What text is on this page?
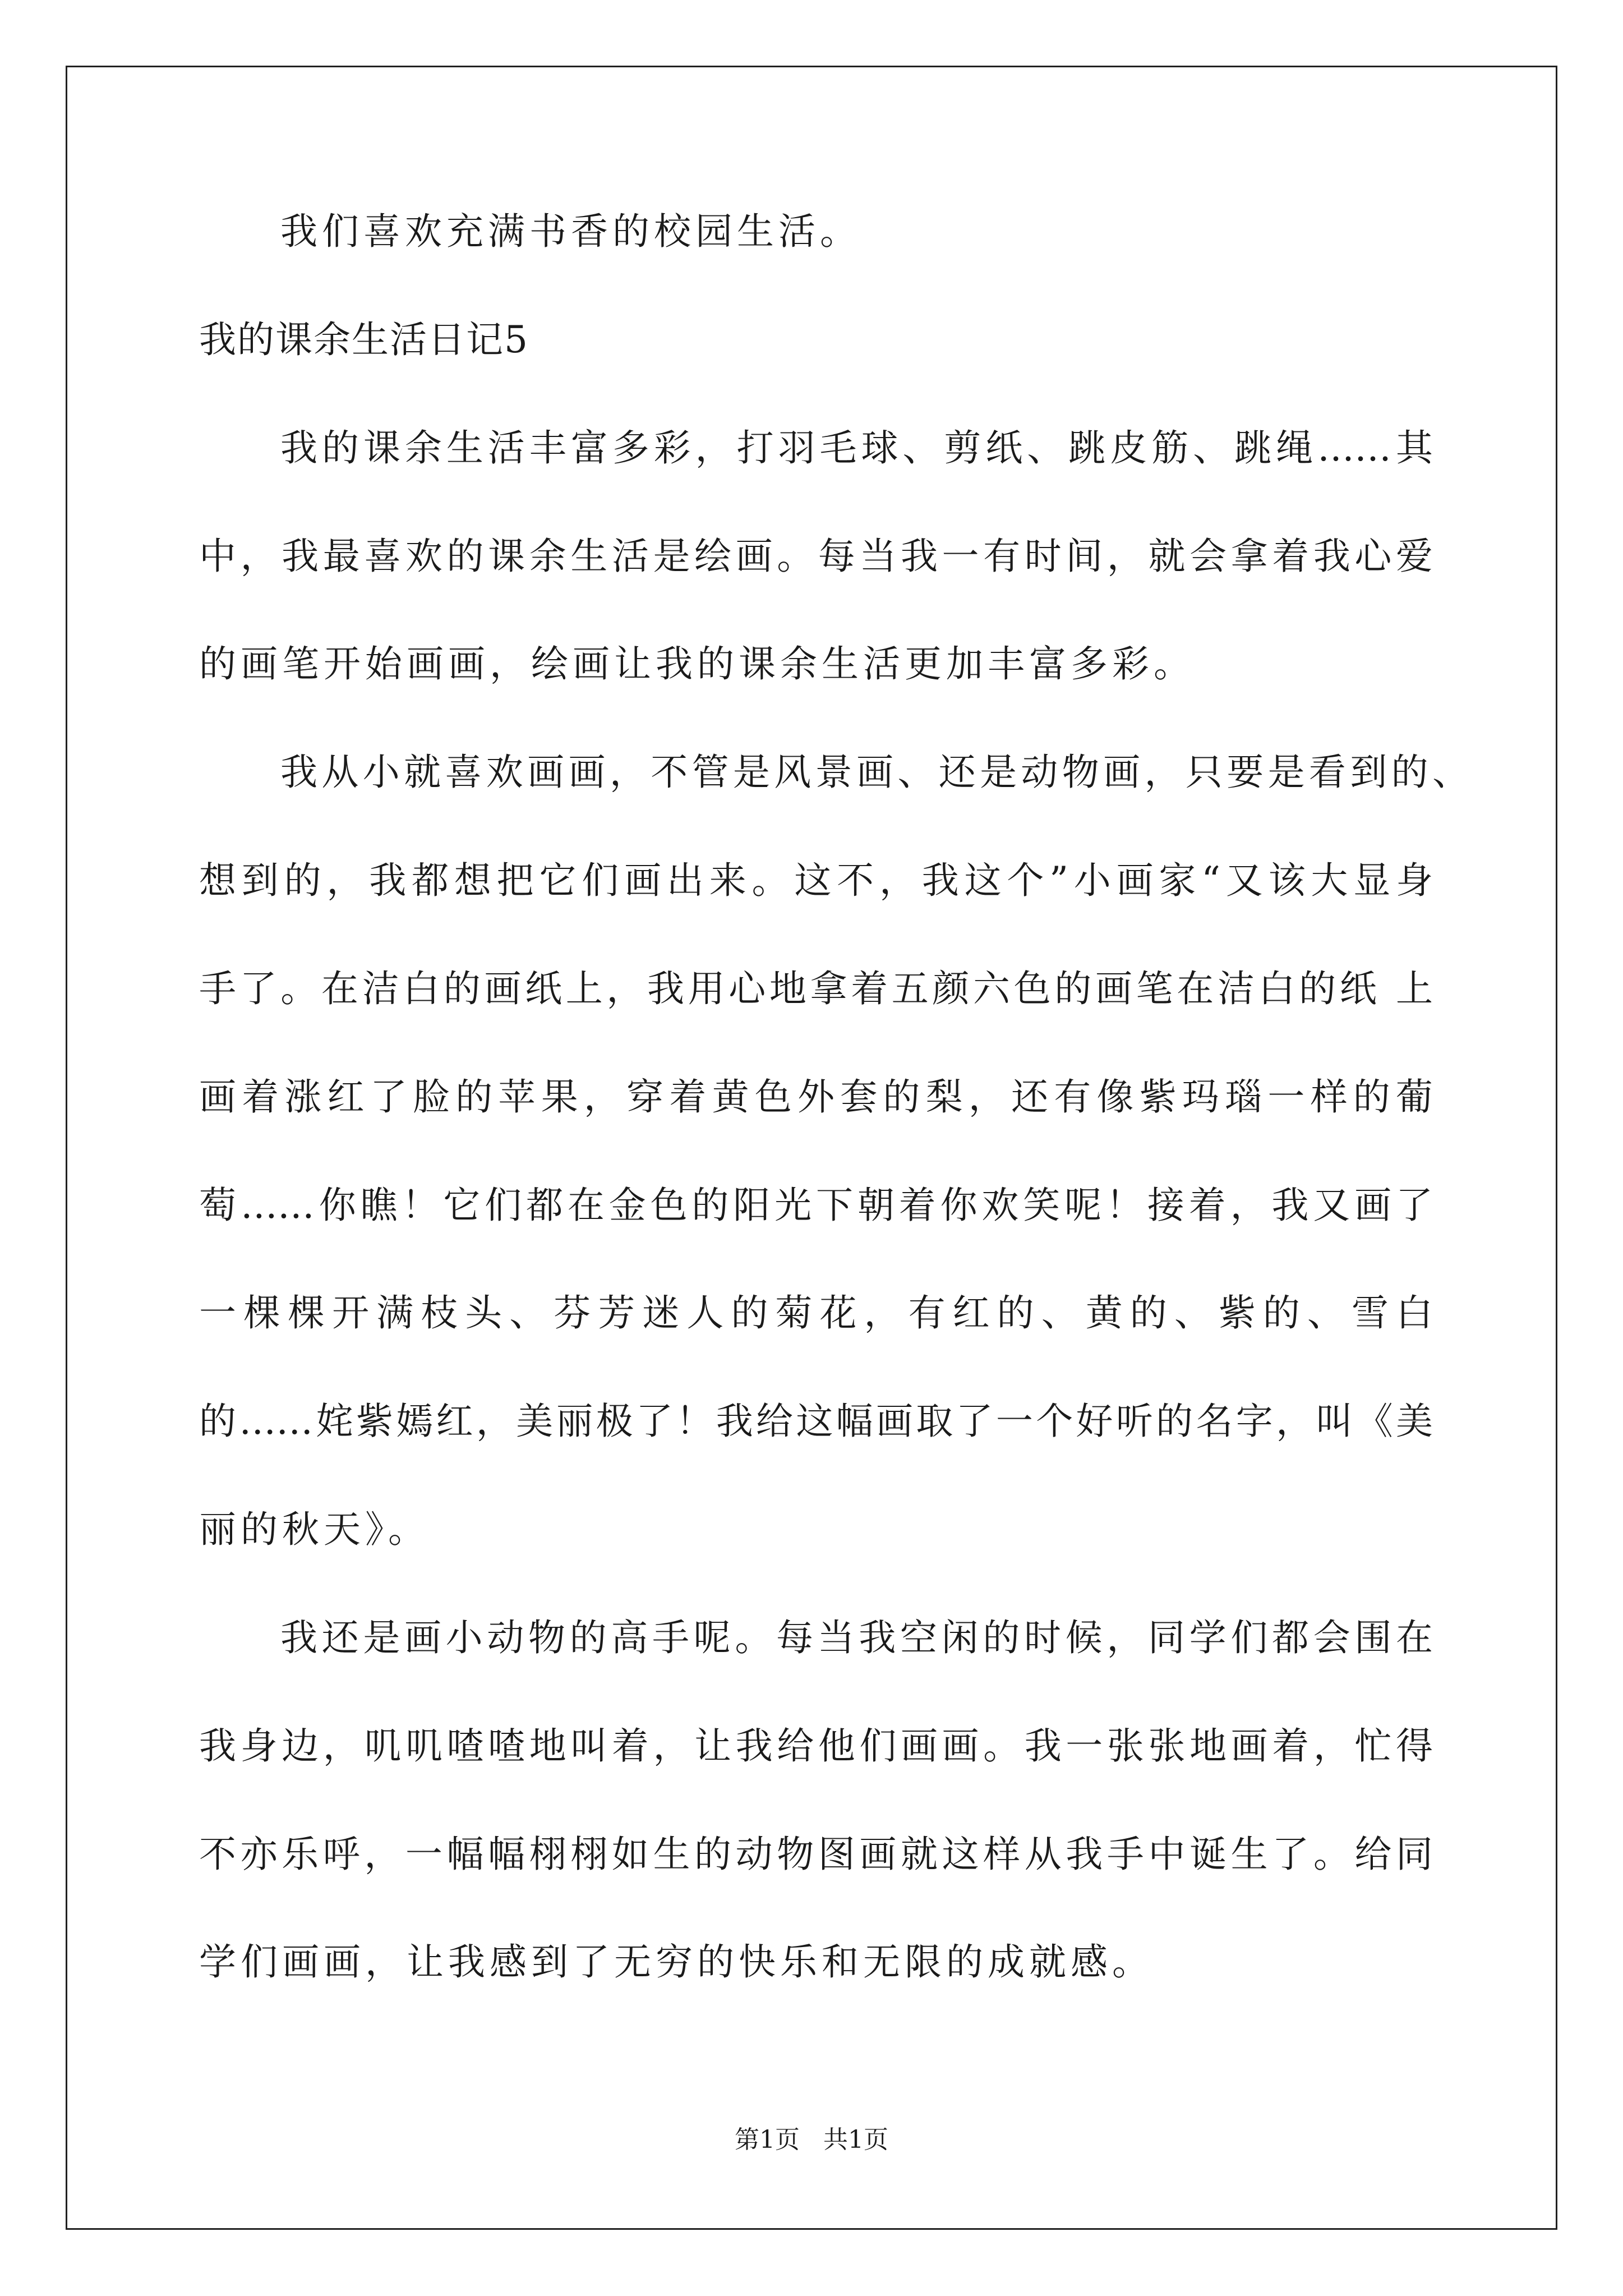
我们喜欢充满书香的校园生活。
我的课余生活日记5
我的课余生活丰富多彩，打羽毛球、剪纸、跳皮筋、跳绳……其
中，我最喜欢的课余生活是绘画。每当我一有时间，就会拿着我心爱
的画笔开始画画，绘画让我的课余生活更加丰富多彩。
我从小就喜欢画画，不管是风景画、还是动物画，只要是看到的、
想到的，我都想把它们画出来。这不，我这个”小画家“又该大显身
手了。在洁白的画纸上，我用心地拿着五颜六色的画笔在洁白的纸 上
画着涨红了脸的苹果，穿着黄色外套的梨，还有像紫玛瑙一样的葡
萄……你瞧！它们都在金色的阳光下朝着你欢笑呢！接着，我又画了
一棵棵开满枝头、芬芳迷人的菊花，有红的、黄的、紫的、雪白
的……姹紫嫣红，美丽极了！我给这幅画取了一个好听的名字，叫《美
丽的秋天》。
我还是画小动物的高手呢。每当我空闲的时候，同学们都会围在
我身边，叽叽喳喳地叫着，让我给他们画画。我一张张地画着，忙得
不亦乐呼，一幅幅栩栩如生的动物图画就这样从我手中诞生了。给同
学们画画，让我感到了无穷的快乐和无限的成就感。
第1页   共1页
